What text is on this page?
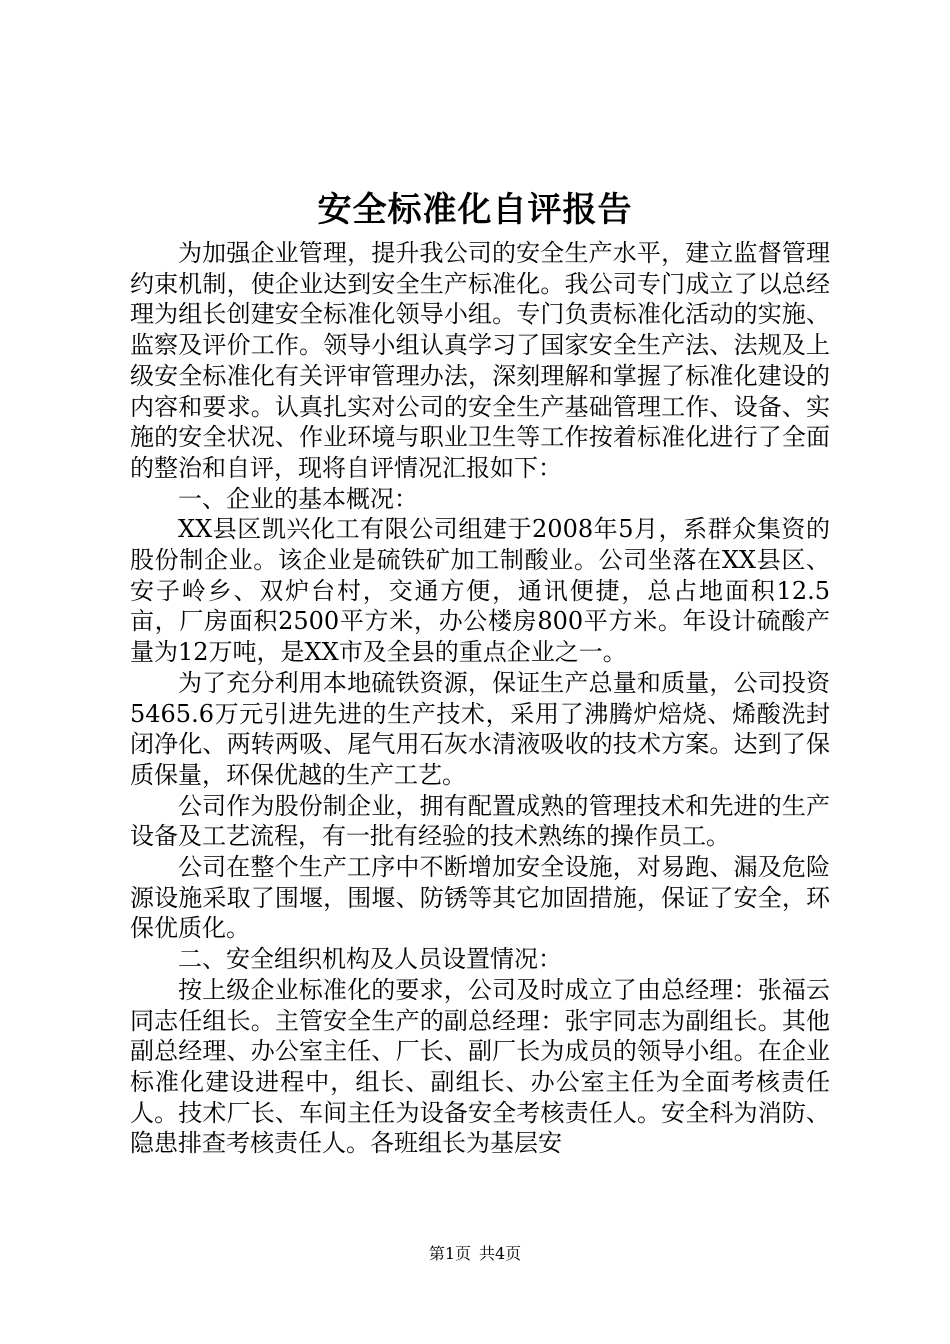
安全标准化自评报告

为加强企业管理，提升我公司的安全生产水平，建立监督管理约束机制，使企业达到安全生产标准化。我公司专门成立了以总经理为组长创建安全标准化领导小组。专门负责标准化活动的实施、监察及评价工作。领导小组认真学习了国家安全生产法、法规及上级安全标准化有关评审管理办法，深刻理解和掌握了标准化建设的内容和要求。认真扎实对公司的安全生产基础管理工作、设备、实施的安全状况、作业环境与职业卫生等工作按着标准化进行了全面的整治和自评，现将自评情况汇报如下：

一、企业的基本概况：

XX县区凯兴化工有限公司组建于2008年5月，系群众集资的股份制企业。该企业是硫铁矿加工制酸业。公司坐落在XX县区、安子岭乡、双炉台村，交通方便，通讯便捷，总占地面积12.5亩，厂房面积2500平方米，办公楼房800平方米。年设计硫酸产量为12万吨，是XX市及全县的重点企业之一。

为了充分利用本地硫铁资源，保证生产总量和质量，公司投资5465.6万元引进先进的生产技术，采用了沸腾炉焙烧、烯酸洗封闭净化、两转两吸、尾气用石灰水清液吸收的技术方案。达到了保质保量，环保优越的生产工艺。

公司作为股份制企业，拥有配置成熟的管理技术和先进的生产设备及工艺流程，有一批有经验的技术熟练的操作员工。

公司在整个生产工序中不断增加安全设施，对易跑、漏及危险源设施采取了围堰，围堰、防锈等其它加固措施，保证了安全，环保优质化。

二、安全组织机构及人员设置情况：

按上级企业标准化的要求，公司及时成立了由总经理：张福云同志任组长。主管安全生产的副总经理：张宇同志为副组长。其他副总经理、办公室主任、厂长、副厂长为成员的领导小组。在企业标准化建设进程中，组长、副组长、办公室主任为全面考核责任人。技术厂长、车间主任为设备安全考核责任人。安全科为消防、隐患排查考核责任人。各班组长为基层安

第1页 共4页
